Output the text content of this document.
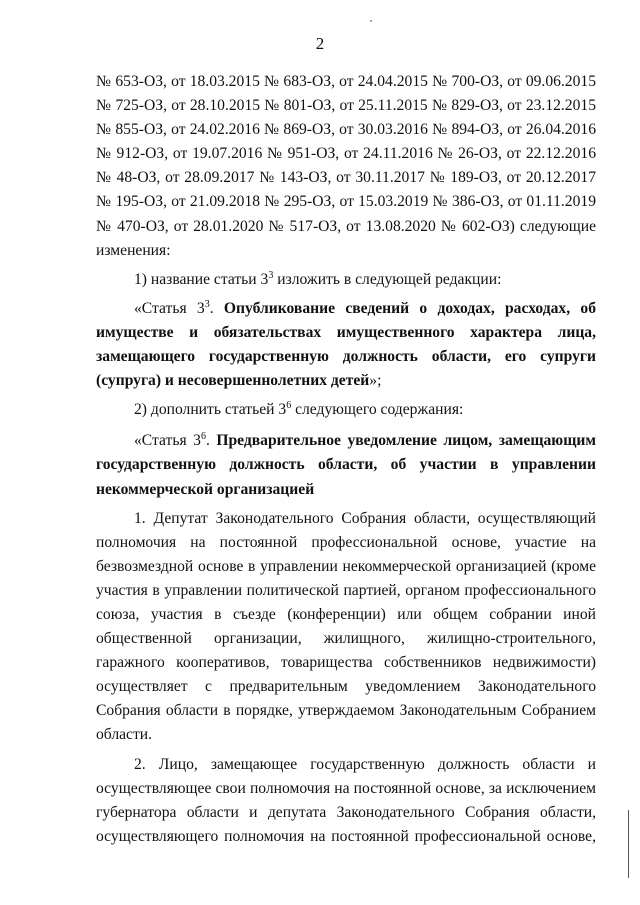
2

№ 653-ОЗ, от 18.03.2015 № 683-ОЗ, от 24.04.2015 № 700-ОЗ, от 09.06.2015

№ 725-ОЗ, от 28.10.2015 № 801-ОЗ, от 25.11.2015 № 829-ОЗ, от 23.12.2015

№ 855-ОЗ, от 24.02.2016 № 869-ОЗ, от 30.03.2016 № 894-ОЗ, от 26.04.2016

№ 912-ОЗ, от 19.07.2016 № 951-ОЗ, от 24.11.2016 № 26-ОЗ, от 22.12.2016

№ 48-ОЗ, от 28.09.2017 № 143-ОЗ, от 30.11.2017 № 189-ОЗ, от 20.12.2017

№ 195-ОЗ, от 21.09.2018 № 295-ОЗ, от 15.03.2019 № 386-ОЗ, от 01.11.2019

№ 470-ОЗ, от 28.01.2020 № 517-ОЗ, от 13.08.2020 № 602-ОЗ) следующие

изменения:

1) название статьи $3^3$ изложить в следующей редакции:

«Статья $3^3$. Опубликование сведений о доходах, расходах, об имуществе и обязательствах имущественного характера лица, замещающего государственную должность области, его супруги (супруга) и несовершеннолетних детей»;

2) дополнить статьей $3^6$ следующего содержания:

«Статья $3^6$. Предварительное уведомление лицом, замещающим государственную должность области, об участии в управлении некоммерческой организацией

1. Депутат Законодательного Собрания области, осуществляющий полномочия на постоянной профессиональной основе, участие на безвозмездной основе в управлении некоммерческой организацией (кроме участия в управлении политической партией, органом профессионального союза, участия в съезде (конференции) или общем собрании иной общественной организации, жилищного, жилищно-строительного, гаражного кооперативов, товарищества собственников недвижимости) осуществляет с предварительным уведомлением Законодательного Собрания области в порядке, утверждаемом Законодательным Собранием области.

2. Лицо, замещающее государственную должность области и осуществляющее свои полномочия на постоянной основе, за исключением губернатора области и депутата Законодательного Собрания области, осуществляющего полномочия на постоянной профессиональной основе,
